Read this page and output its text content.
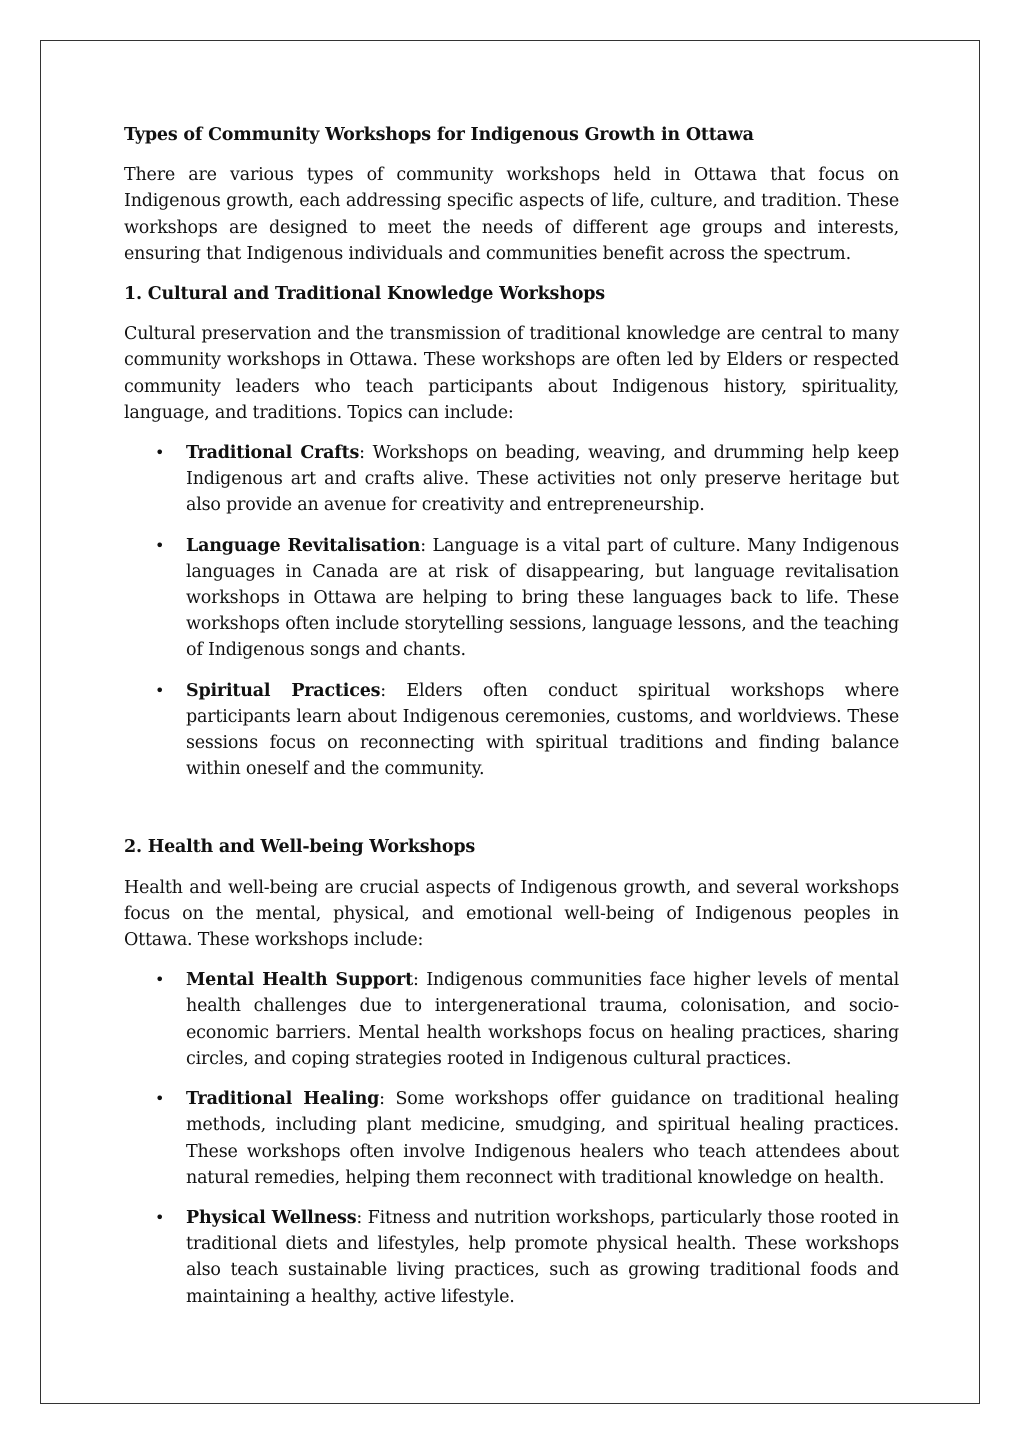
Types of Community Workshops for Indigenous Growth in Ottawa

There are various types of community workshops held in Ottawa that focus on Indigenous growth, each addressing specific aspects of life, culture, and tradition. These workshops are designed to meet the needs of different age groups and interests, ensuring that Indigenous individuals and communities benefit across the spectrum.

1. Cultural and Traditional Knowledge Workshops

Cultural preservation and the transmission of traditional knowledge are central to many community workshops in Ottawa. These workshops are often led by Elders or respected community leaders who teach participants about Indigenous history, spirituality, language, and traditions. Topics can include:

• Traditional Crafts: Workshops on beading, weaving, and drumming help keep Indigenous art and crafts alive. These activities not only preserve heritage but also provide an avenue for creativity and entrepreneurship.
• Language Revitalisation: Language is a vital part of culture. Many Indigenous languages in Canada are at risk of disappearing, but language revitalisation workshops in Ottawa are helping to bring these languages back to life. These workshops often include storytelling sessions, language lessons, and the teaching of Indigenous songs and chants.
• Spiritual Practices: Elders often conduct spiritual workshops where participants learn about Indigenous ceremonies, customs, and worldviews. These sessions focus on reconnecting with spiritual traditions and finding balance within oneself and the community.
2. Health and Well-being Workshops

Health and well-being are crucial aspects of Indigenous growth, and several workshops focus on the mental, physical, and emotional well-being of Indigenous peoples in Ottawa. These workshops include:

• Mental Health Support: Indigenous communities face higher levels of mental health challenges due to intergenerational trauma, colonisation, and socio-economic barriers. Mental health workshops focus on healing practices, sharing circles, and coping strategies rooted in Indigenous cultural practices.
• Traditional Healing: Some workshops offer guidance on traditional healing methods, including plant medicine, smudging, and spiritual healing practices. These workshops often involve Indigenous healers who teach attendees about natural remedies, helping them reconnect with traditional knowledge on health.
• Physical Wellness: Fitness and nutrition workshops, particularly those rooted in traditional diets and lifestyles, help promote physical health. These workshops also teach sustainable living practices, such as growing traditional foods and maintaining a healthy, active lifestyle.
